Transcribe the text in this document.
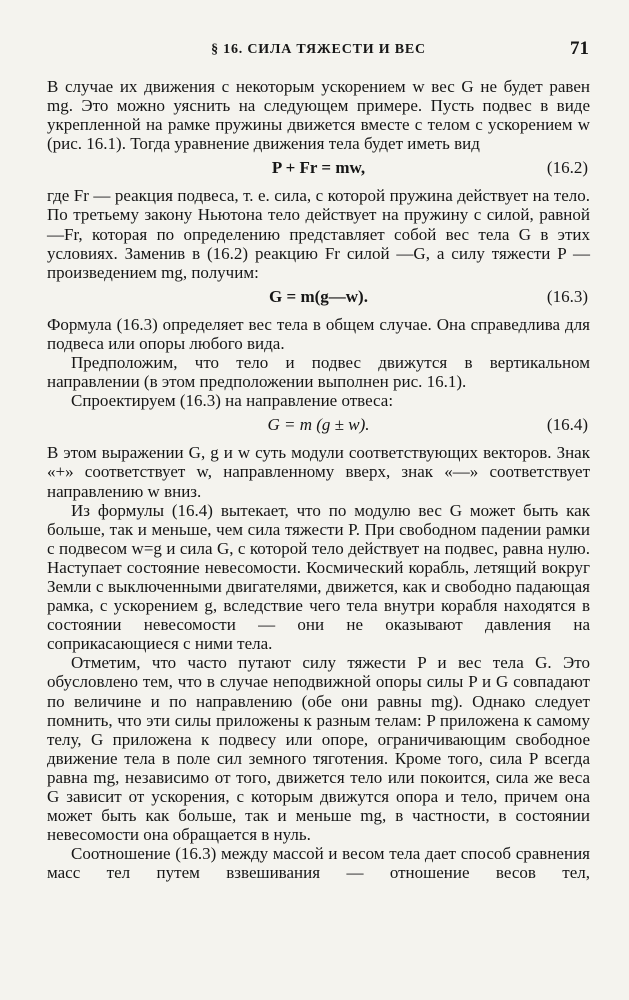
§ 16. СИЛА ТЯЖЕСТИ И ВЕС	71

В случае их движения с некоторым ускорением w вес G не будет равен mg. Это можно уяснить на следующем примере. Пусть подвес в виде укрепленной на рамке пружины движется вместе с телом с ускорением w (рис. 16.1). Тогда уравнение движения тела будет иметь вид

P + Fr = mw,	(16.2)

где Fr — реакция подвеса, т. е. сила, с которой пружина действует на тело. По третьему закону Ньютона тело действует на пружину с силой, равной —Fr, которая по определению представляет собой вес тела G в этих условиях. Заменив в (16.2) реакцию Fr силой —G, а силу тяжести P — произведением mg, получим:

G = m(g—w).	(16.3)

Формула (16.3) определяет вес тела в общем случае. Она справедлива для подвеса или опоры любого вида.

Предположим, что тело и подвес движутся в вертикальном направлении (в этом предположении выполнен рис. 16.1).

Спроектируем (16.3) на направление отвеса:

G = m (g ± w).	(16.4)

В этом выражении G, g и w суть модули соответствующих векторов. Знак «+» соответствует w, направленному вверх, знак «—» соответствует направлению w вниз.

Из формулы (16.4) вытекает, что по модулю вес G может быть как больше, так и меньше, чем сила тяжести P. При свободном падении рамки с подвесом w=g и сила G, с которой тело действует на подвес, равна нулю. Наступает состояние невесомости. Космический корабль, летящий вокруг Земли с выключенными двигателями, движется, как и свободно падающая рамка, с ускорением g, вследствие чего тела внутри корабля находятся в состоянии невесомости — они не оказывают давления на соприкасающиеся с ними тела.

Отметим, что часто путают силу тяжести P и вес тела G. Это обусловлено тем, что в случае неподвижной опоры силы P и G совпадают по величине и по направлению (обе они равны mg). Однако следует помнить, что эти силы приложены к разным телам: P приложена к самому телу, G приложена к подвесу или опоре, ограничивающим свободное движение тела в поле сил земного тяготения. Кроме того, сила P всегда равна mg, независимо от того, движется тело или покоится, сила же веса G зависит от ускорения, с которым движутся опора и тело, причем она может быть как больше, так и меньше mg, в частности, в состоянии невесомости она обращается в нуль.

Соотношение (16.3) между массой и весом тела дает способ сравнения масс тел путем взвешивания — отношение весов тел,
